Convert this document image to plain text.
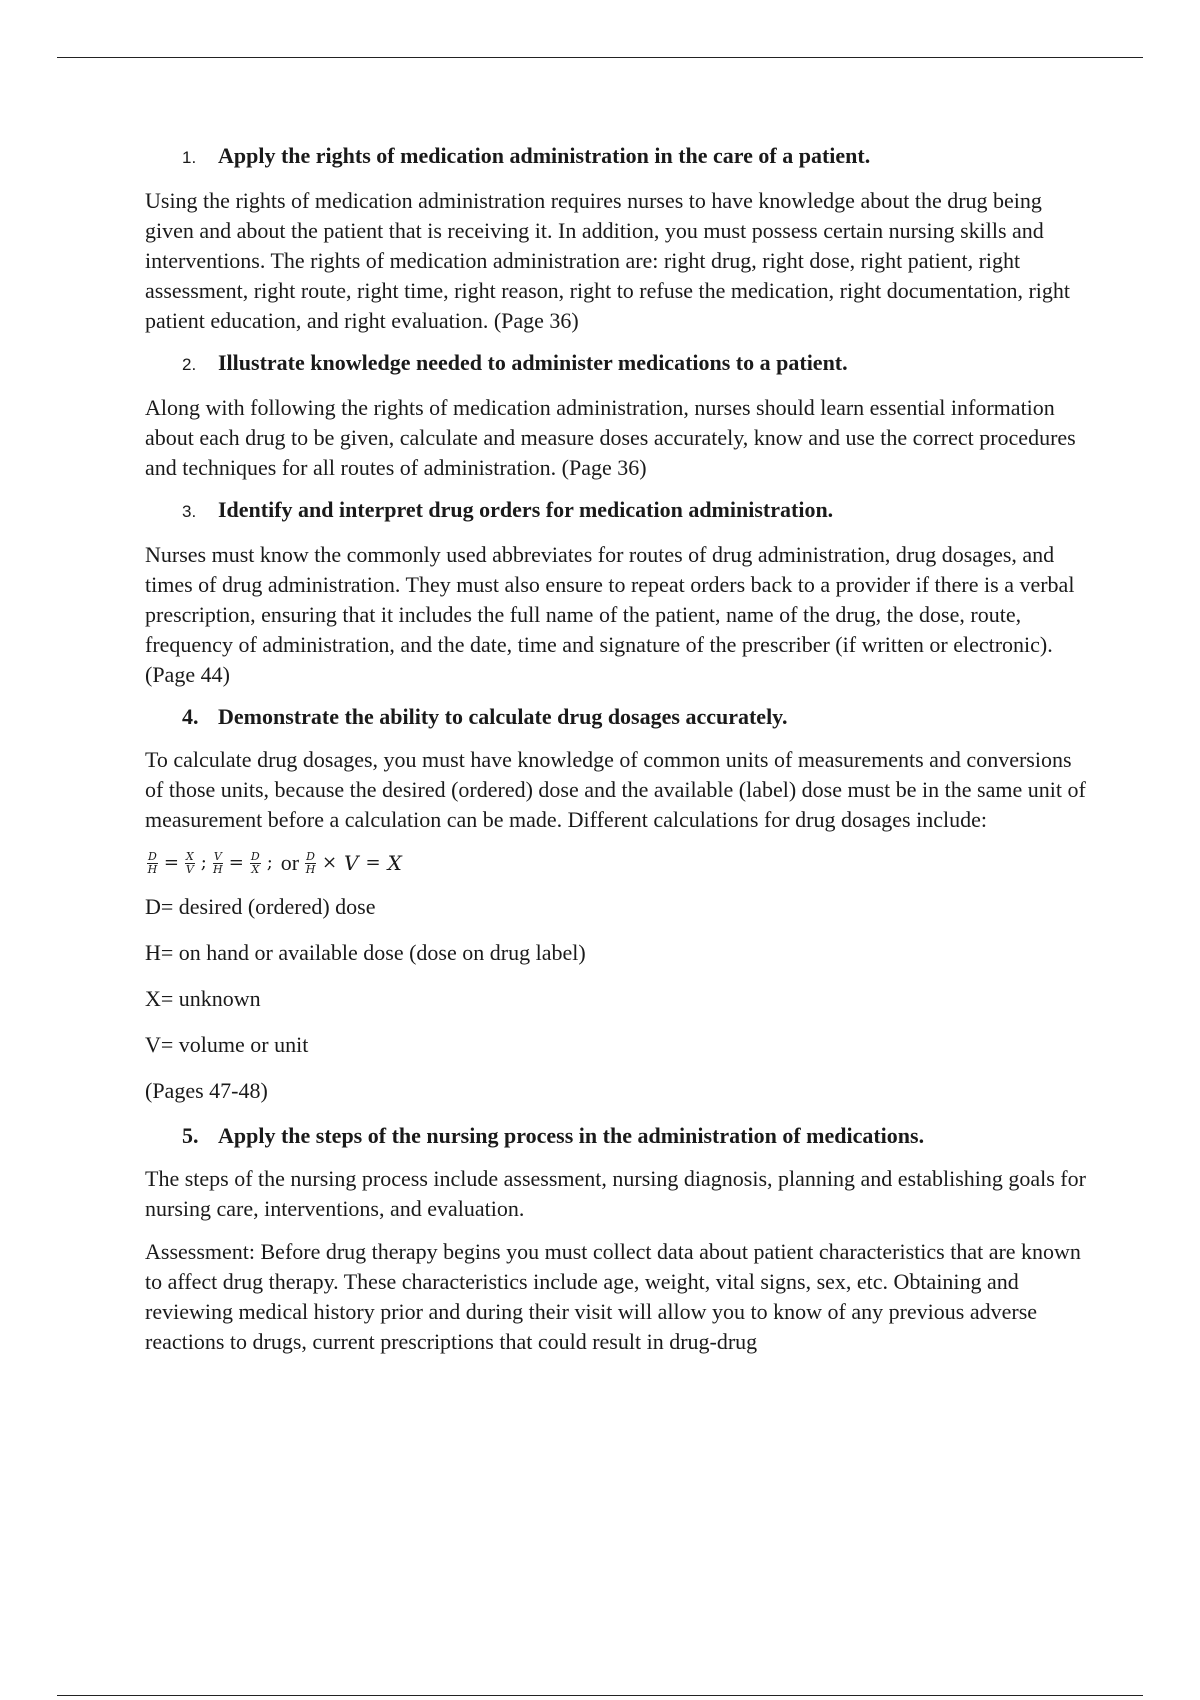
1. Apply the rights of medication administration in the care of a patient.

Using the rights of medication administration requires nurses to have knowledge about the drug being given and about the patient that is receiving it. In addition, you must possess certain nursing skills and interventions. The rights of medication administration are: right drug, right dose, right patient, right assessment, right route, right time, right reason, right to refuse the medication, right documentation, right patient education, and right evaluation. (Page 36)

2. Illustrate knowledge needed to administer medications to a patient.

Along with following the rights of medication administration, nurses should learn essential information about each drug to be given, calculate and measure doses accurately, know and use the correct procedures and techniques for all routes of administration. (Page 36)

3. Identify and interpret drug orders for medication administration.

Nurses must know the commonly used abbreviates for routes of drug administration, drug dosages, and times of drug administration. They must also ensure to repeat orders back to a provider if there is a verbal prescription, ensuring that it includes the full name of the patient, name of the drug, the dose, route, frequency of administration, and the date, time and signature of the prescriber (if written or electronic). (Page 44)

4. Demonstrate the ability to calculate drug dosages accurately.

To calculate drug dosages, you must have knowledge of common units of measurements and conversions of those units, because the desired (ordered) dose and the available (label) dose must be in the same unit of measurement before a calculation can be made. Different calculations for drug dosages include:

$\frac{D}{H} = \frac{X}{V}$ ; $\frac{V}{H} = \frac{D}{X}$ ; or $\frac{D}{H} \times V = X$

D= desired (ordered) dose

H= on hand or available dose (dose on drug label)

X= unknown

V= volume or unit

(Pages 47-48)

5. Apply the steps of the nursing process in the administration of medications.

The steps of the nursing process include assessment, nursing diagnosis, planning and establishing goals for nursing care, interventions, and evaluation.

Assessment: Before drug therapy begins you must collect data about patient characteristics that are known to affect drug therapy. These characteristics include age, weight, vital signs, sex, etc. Obtaining and reviewing medical history prior and during their visit will allow you to know of any previous adverse reactions to drugs, current prescriptions that could result in drug-drug
